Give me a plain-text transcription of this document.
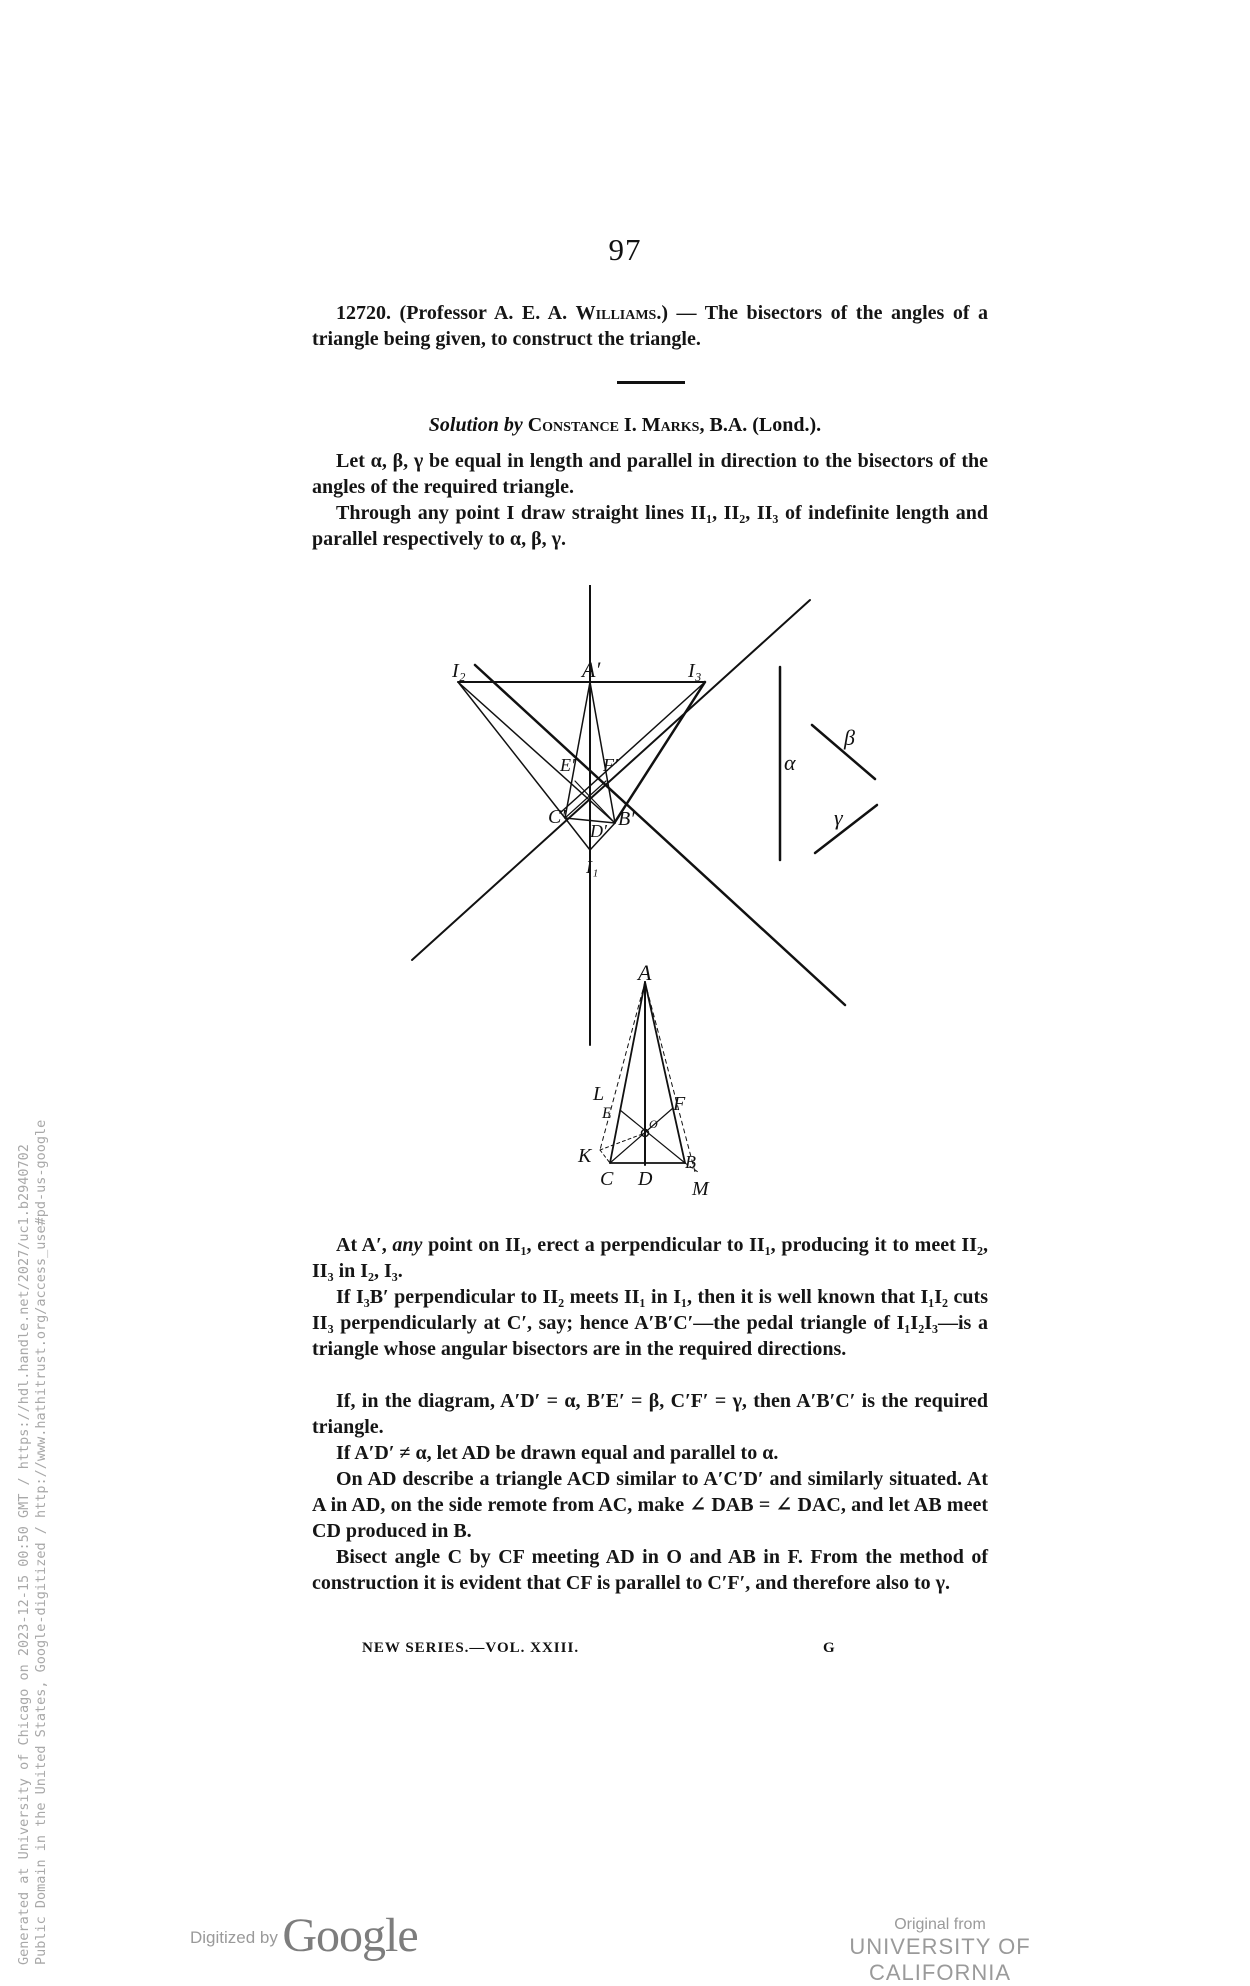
97
12720. (Professor A. E. A. Williams.) — The bisectors of the angles of a triangle being given, to construct the triangle.
Solution by Constance I. Marks, B.A. (Lond.).
Let α, β, γ be equal in length and parallel in direction to the bisectors of the angles of the required triangle.
Through any point I draw straight lines II₁, II₂, II₃ of indefinite length and parallel respectively to α, β, γ.
I₂	A′	I₃
E′ F′
C′
D′
B′
I₁
α
β
γ
A
L
E	F
O
K
C D
B
M
At A′, any point on II₁, erect a perpendicular to II₁, producing it to meet II₂, II₃ in I₂, I₃.
If I₃B′ perpendicular to II₂ meets II₁ in I₁, then it is well known that I₁I₂ cuts II₃ perpendicularly at C′, say; hence A′B′C′—the pedal triangle of I₁I₂I₃—is a triangle whose angular bisectors are in the required directions.
If, in the diagram, A′D′ = α, B′E′ = β, C′F′ = γ, then A′B′C′ is the required triangle.
If A′D′ ≠ α, let AD be drawn equal and parallel to α.
On AD describe a triangle ACD similar to A′C′D′ and similarly situated. At A in AD, on the side remote from AC, make ∠ DAB = ∠ DAC, and let AB meet CD produced in B.
Bisect angle C by CF meeting AD in O and AB in F. From the method of construction it is evident that CF is parallel to C′F′, and therefore also to γ.
NEW SERIES.—VOL. XXIII.	G
Generated at University of Chicago on 2023-12-15 00:50 GMT / https://hdl.handle.net/2027/uc1.b2940702 Public Domain in the United States, Google-digitized / http://www.hathitrust.org/access_use#pd-us-google	Digitized by Google	Original from
UNIVERSITY OF CALIFORNIA
